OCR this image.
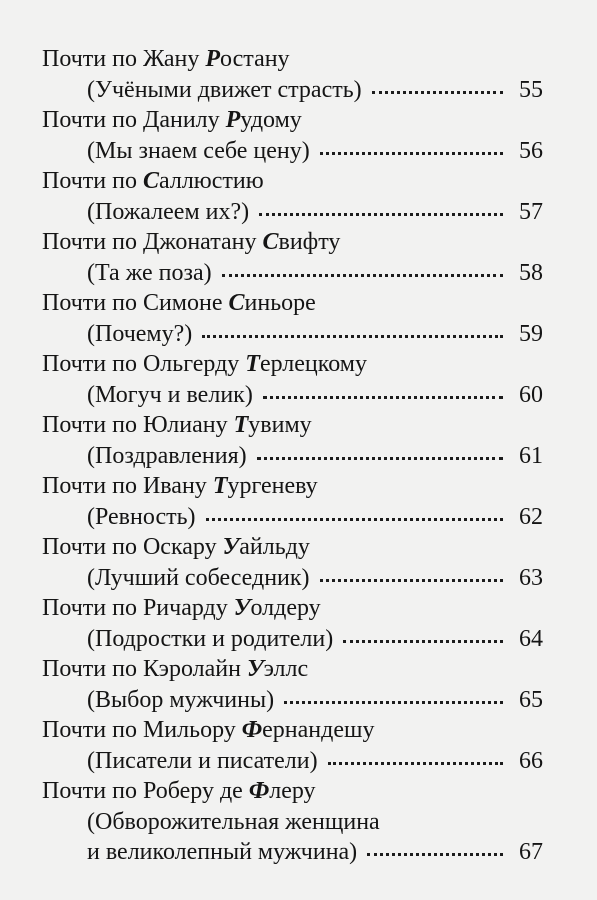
Почти по Жану Ростану
(Учёными движет страсть)	55
Почти по Данилу Рудому
(Мы знаем себе цену)	56
Почти по Саллюстию
(Пожалеем их?)	57
Почти по Джонатану Свифту
(Та же поза)	58
Почти по Симоне Синьоре
(Почему?)	59
Почти по Ольгерду Терлецкому
(Могуч и велик)	60
Почти по Юлиану Тувиму
(Поздравления)	61
Почти по Ивану Тургеневу
(Ревность)	62
Почти по Оскару Уайльду
(Лучший собеседник)	63
Почти по Ричарду Уолдеру
(Подростки и родители)	64
Почти по Кэролайн Уэллс
(Выбор мужчины)	65
Почти по Мильору Фернандешу
(Писатели и писатели)	66
Почти по Роберу де Флеру
(Обворожительная женщина
и великолепный мужчина)	67
